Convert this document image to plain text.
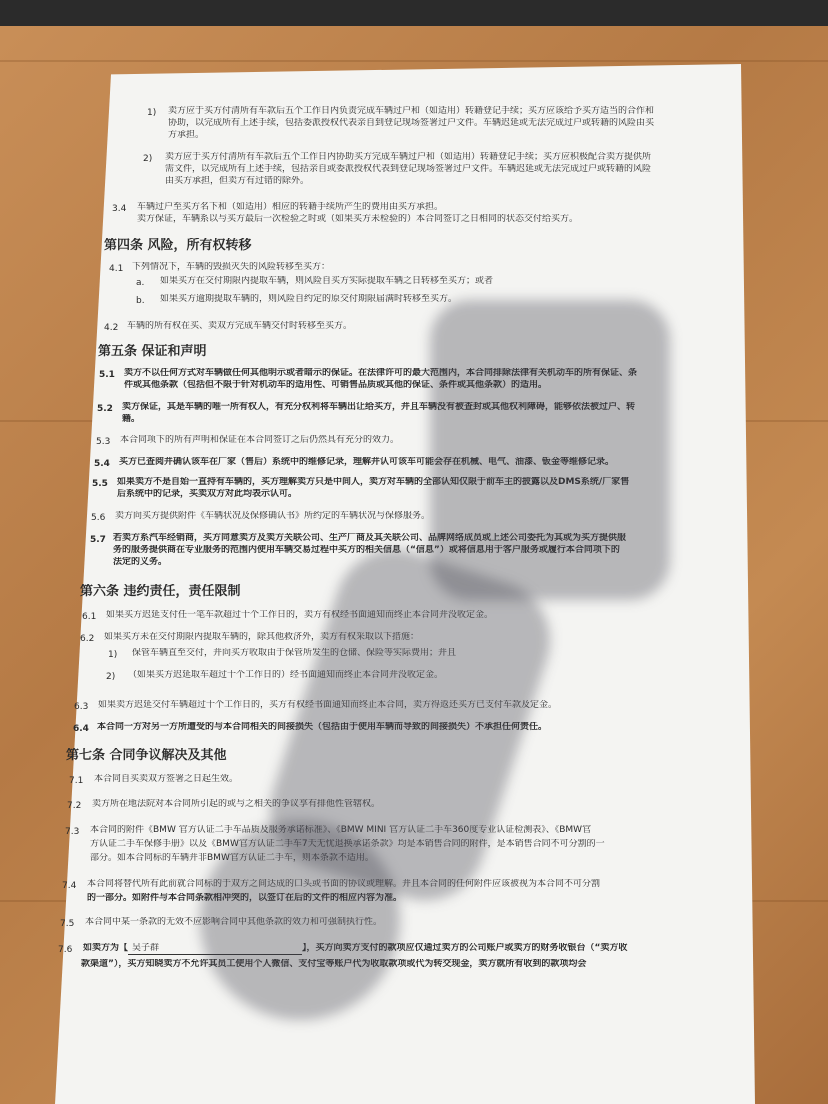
1) 卖方应于买方付清所有车款后五个工作日内负责完成车辆过户和（如适用）转籍登记手续；买方应该给予买方适当的合作和
协助，以完成所有上述手续，包括委派授权代表亲自到登记现场签署过户文件。车辆迟延或无法完成过户或转籍的风险由买
方承担。
2) 卖方应于买方付清所有车款后五个工作日内协助买方完成车辆过户和（如适用）转籍登记手续；买方应积极配合卖方提供所
需文件，以完成所有上述手续，包括亲自或委派授权代表到登记现场签署过户文件。车辆迟延或无法完成过户或转籍的风险
由买方承担，但卖方有过错的除外。
3.4 车辆过户至买方名下和（如适用）相应的转籍手续所产生的费用由买方承担。
卖方保证，车辆系以与买方最后一次检验之时或（如果买方未检验的）本合同签订之日相同的状态交付给买方。
第四条 风险，所有权转移
4.1 下列情况下，车辆的毁损灭失的风险转移至买方：
a. 如果买方在交付期限内提取车辆，则风险自买方实际提取车辆之日转移至买方；或者
b. 如果买方逾期提取车辆的，则风险自约定的原交付期限届满时转移至买方。
4.2 车辆的所有权在买、卖双方完成车辆交付时转移至买方。
第五条 保证和声明
5.1 卖方不以任何方式对车辆做任何其他明示或者暗示的保证。在法律许可的最大范围内，本合同排除法律有关机动车的所有保证、条
件或其他条款（包括但不限于针对机动车的适用性、可销售品质或其他的保证、条件或其他条款）的适用。
5.2 卖方保证，其是车辆的唯一所有权人，有充分权利将车辆出让给买方，并且车辆没有被查封或其他权利障碍，能够依法被过户、转
籍。
5.3 本合同项下的所有声明和保证在本合同签订之后仍然具有充分的效力。
5.4 买方已查阅并确认该车在厂家（售后）系统中的维修记录，理解并认可该车可能会存在机械、电气、油漆、钣金等维修记录。
5.5 如果卖方不是自始一直持有车辆的，买方理解卖方只是中间人，卖方对车辆的全部认知仅限于前车主的披露以及DMS系统/厂家售
后系统中的记录，买卖双方对此均表示认可。
5.6 卖方向买方提供附件《车辆状况及保修确认书》所约定的车辆状况与保修服务。
5.7 若卖方系汽车经销商，买方同意卖方及卖方关联公司、生产厂商及其关联公司、品牌网络成员或上述公司委托为其或为买方提供服
务的服务提供商在专业服务的范围内使用车辆交易过程中买方的相关信息（“信息”）或将信息用于客户服务或履行本合同项下的
法定的义务。
第六条 违约责任，责任限制
6.1 如果买方迟延支付任一笔车款超过十个工作日的，卖方有权经书面通知而终止本合同并没收定金。
6.2 如果买方未在交付期限内提取车辆的，除其他救济外，卖方有权采取以下措施：
1) 保管车辆直至交付，并向买方收取由于保管所发生的仓储、保险等实际费用；并且
2) （如果买方迟延取车超过十个工作日的）经书面通知而终止本合同并没收定金。
6.3 如果卖方迟延交付车辆超过十个工作日的，买方有权经书面通知而终止本合同，卖方得返还买方已支付车款及定金。
6.4 本合同一方对另一方所遭受的与本合同相关的间接损失（包括由于使用车辆而导致的间接损失）不承担任何责任。
第七条 合同争议解决及其他
7.1 本合同自买卖双方签署之日起生效。
7.2 卖方所在地法院对本合同所引起的或与之相关的争议享有排他性管辖权。
7.3 本合同的附件《BMW 官方认证二手车品质及服务承诺标准》、《BMW MINI 官方认证二手车360度专业认证检测表》、《BMW官
方认证二手车保修手册》以及《BMW官方认证二手车7天无忧退换承诺条款》均是本销售合同的附件，是本销售合同不可分割的一
部分。如本合同标的车辆并非BMW官方认证二手车，则本条款不适用。
7.4 本合同将替代所有此前就合同标的于双方之间达成的口头或书面的协议或理解。并且本合同的任何附件应该被视为本合同不可分割
的一部分。如附件与本合同条款相冲突的，以签订在后的文件的相应内容为准。
7.5 本合同中某一条款的无效不应影响合同中其他条款的效力和可强制执行性。
7.6 如卖方为【 吴子群	】，买方向卖方支付的款项应仅通过卖方的公司账户或卖方的财务收银台（“卖方收
款渠道”），买方知晓卖方不允许其员工使用个人微信、支付宝等账户代为收取款项或代为转交现金，卖方就所有收到的款项均会
